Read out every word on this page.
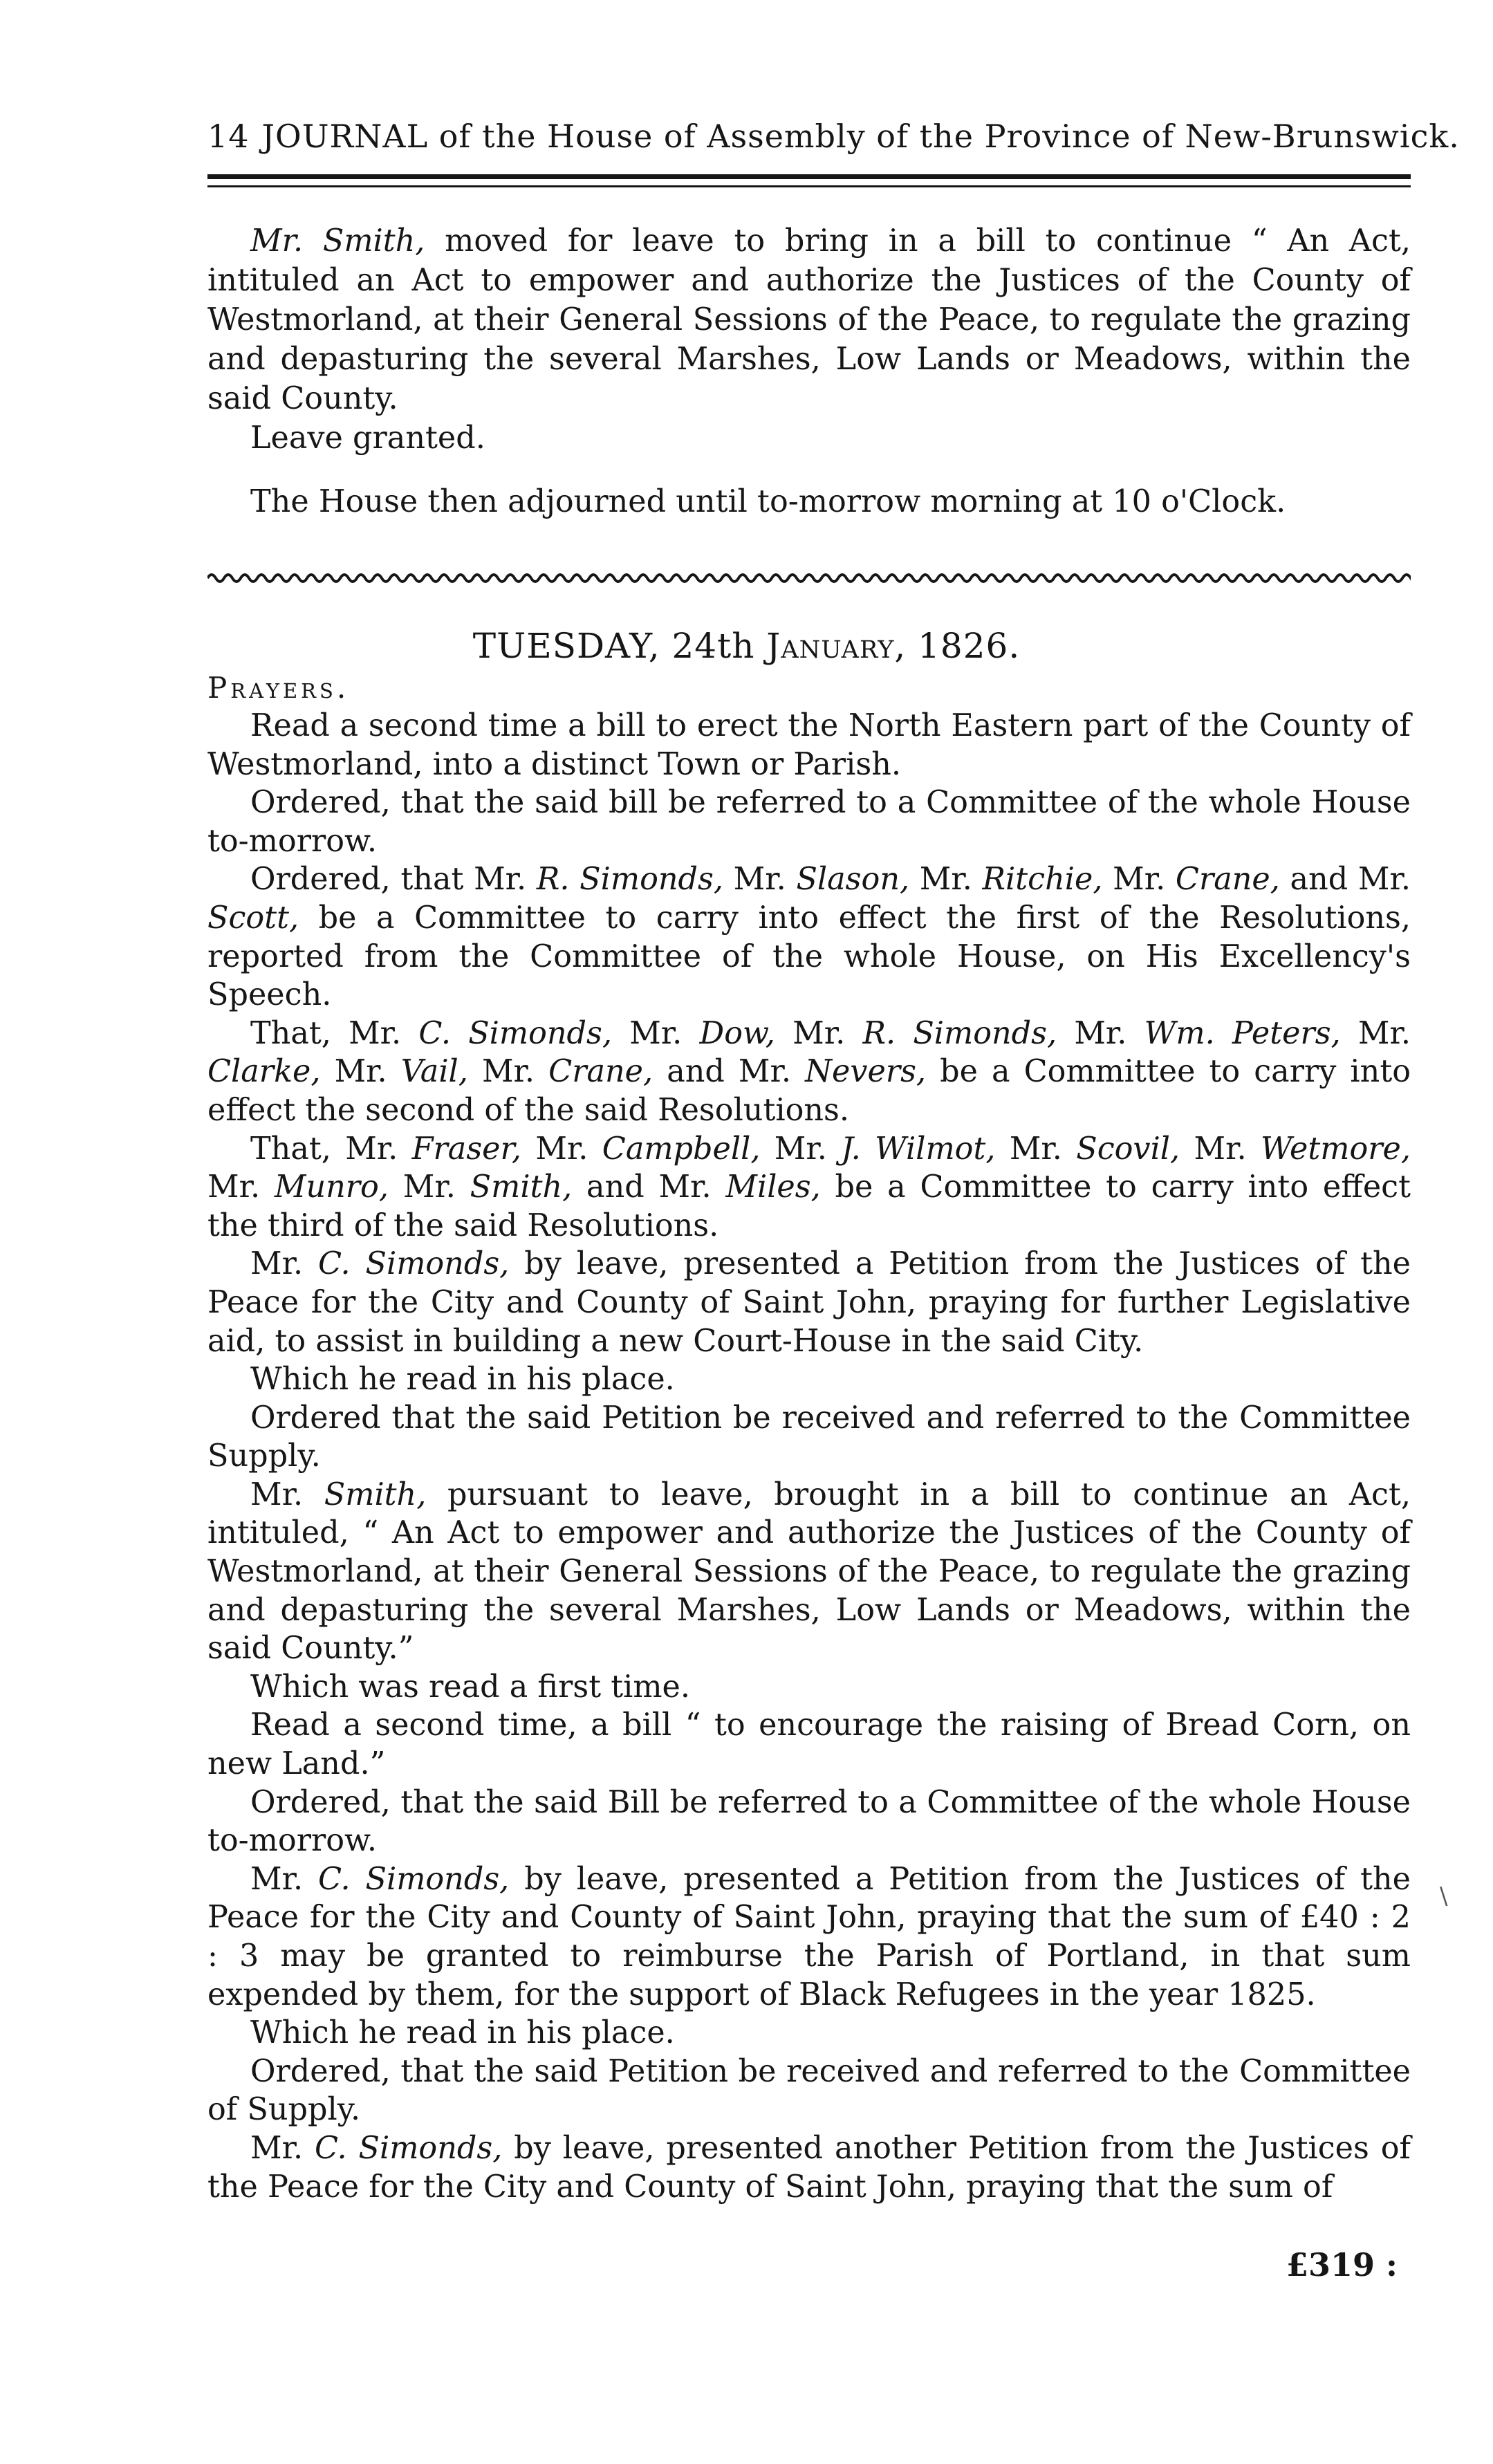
14 JOURNAL of the House of Assembly of the Province of New-Brunswick.

Mr. Smith, moved for leave to bring in a bill to continue “ An Act, intituled an Act to empower and authorize the Justices of the County of Westmorland, at their General Sessions of the Peace, to regulate the grazing and depasturing the several Marshes, Low Lands or Meadows, within the said County.

Leave granted.

The House then adjourned until to-morrow morning at 10 o'Clock.
TUESDAY, 24th January, 1826.
Prayers.

Read a second time a bill to erect the North Eastern part of the County of Westmorland, into a distinct Town or Parish.

Ordered, that the said bill be referred to a Committee of the whole House to-morrow.

Ordered, that Mr. R. Simonds, Mr. Slason, Mr. Ritchie, Mr. Crane, and Mr. Scott, be a Committee to carry into effect the first of the Resolutions, reported from the Committee of the whole House, on His Excellency's Speech.

That, Mr. C. Simonds, Mr. Dow, Mr. R. Simonds, Mr. Wm. Peters, Mr. Clarke, Mr. Vail, Mr. Crane, and Mr. Nevers, be a Committee to carry into effect the second of the said Resolutions.

That, Mr. Fraser, Mr. Campbell, Mr. J. Wilmot, Mr. Scovil, Mr. Wetmore, Mr. Munro, Mr. Smith, and Mr. Miles, be a Committee to carry into effect the third of the said Resolutions.

Mr. C. Simonds, by leave, presented a Petition from the Justices of the Peace for the City and County of Saint John, praying for further Legislative aid, to assist in building a new Court-House in the said City.

Which he read in his place.

Ordered that the said Petition be received and referred to the Committee Supply.

Mr. Smith, pursuant to leave, brought in a bill to continue an Act, intituled, “ An Act to empower and authorize the Justices of the County of Westmorland, at their General Sessions of the Peace, to regulate the grazing and depasturing the several Marshes, Low Lands or Meadows, within the said County.”

Which was read a first time.

Read a second time, a bill “ to encourage the raising of Bread Corn, on new Land.”

Ordered, that the said Bill be referred to a Committee of the whole House to-morrow.

Mr. C. Simonds, by leave, presented a Petition from the Justices of the Peace for the City and County of Saint John, praying that the sum of £40 : 2 : 3 may be granted to reimburse the Parish of Portland, in that sum expended by them, for the support of Black Refugees in the year 1825.

Which he read in his place.

Ordered, that the said Petition be received and referred to the Committee of Supply.

Mr. C. Simonds, by leave, presented another Petition from the Justices of the Peace for the City and County of Saint John, praying that the sum of

£319 :
\
